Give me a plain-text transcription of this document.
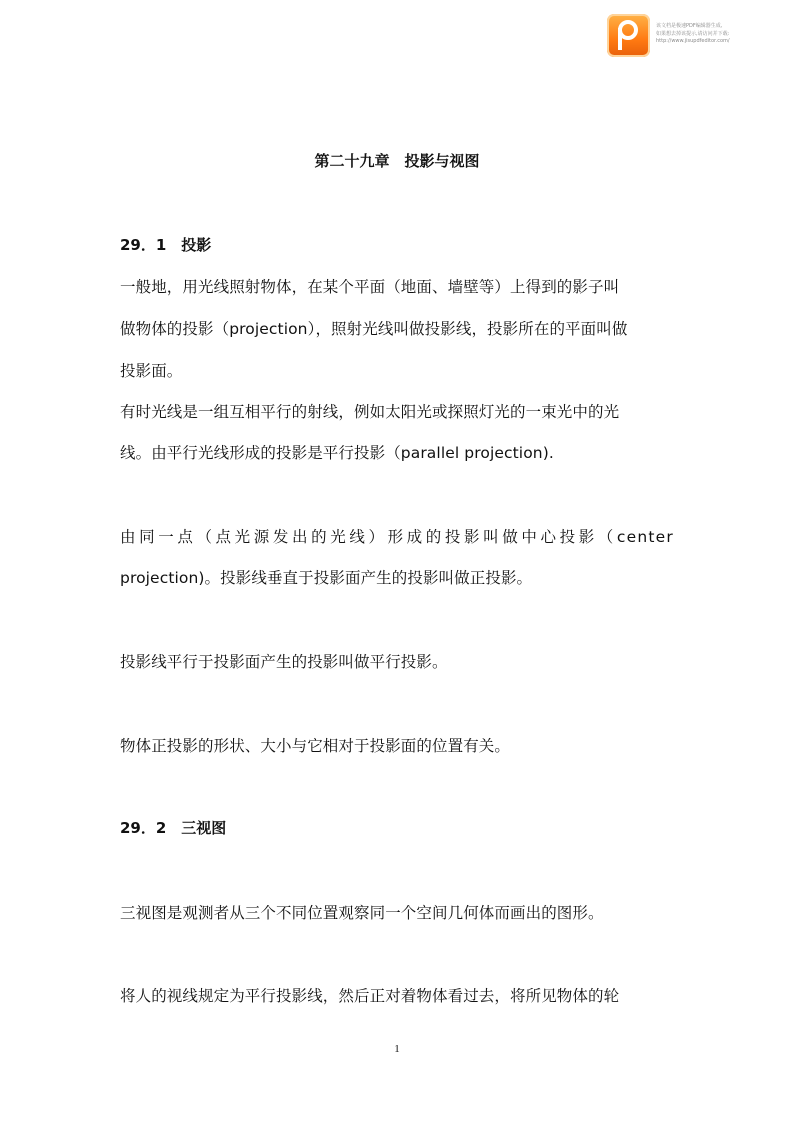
该文档是极速PDF编辑器生成,
如果想去掉该提示,请访问并下载:
http://www.jisupdfeditor.com/
第二十九章　投影与视图
29．1　投影
一般地，用光线照射物体，在某个平面（地面、墙壁等）上得到的影子叫
做物体的投影（projection），照射光线叫做投影线，投影所在的平面叫做
投影面。
有时光线是一组互相平行的射线，例如太阳光或探照灯光的一束光中的光
线。由平行光线形成的投影是平行投影（parallel projection).
由同一点（点光源发出的光线）形成的投影叫做中心投影（center
projection)。投影线垂直于投影面产生的投影叫做正投影。
投影线平行于投影面产生的投影叫做平行投影。
物体正投影的形状、大小与它相对于投影面的位置有关。
29．2　三视图
三视图是观测者从三个不同位置观察同一个空间几何体而画出的图形。
将人的视线规定为平行投影线，然后正对着物体看过去，将所见物体的轮
1
